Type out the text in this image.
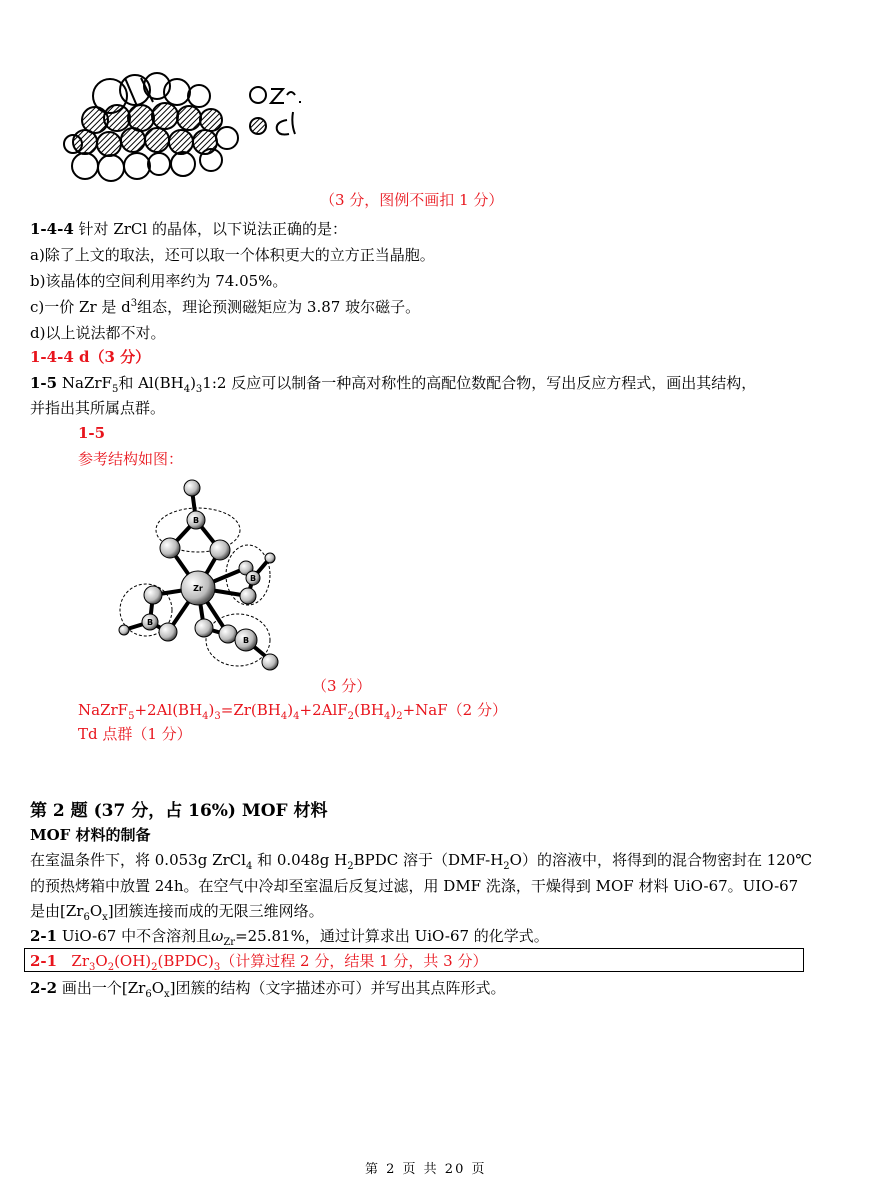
（3 分，图例不画扣 1 分）
1-4-4 针对 ZrCl 的晶体，以下说法正确的是：
a)除了上文的取法，还可以取一个体积更大的立方正当晶胞。
b)该晶体的空间利用率约为 74.05%。
c)一价 Zr 是 $d^3$组态，理论预测磁矩应为 3.87 玻尔磁子。
d)以上说法都不对。
1-4-4 d（3 分）
1-5 NaZrF$_5$和 $Al(BH_4)_31:2$ 反应可以制备一种高对称性的高配位数配合物，写出反应方程式，画出其结构，
并指出其所属点群。
1-5
参考结构如图：
Zr
B
B
B
B
（3 分）
$NaZrF_5+2Al(BH_4)_3=Zr(BH_4)_4+2AlF_2(BH_4)_2+NaF(2$ 分）
Td 点群（1 分）
第 2 题 (37 分，占 16%) MOF 材料
MOF 材料的制备
在室温条件下，将 0.053g ZrCl$_4$ 和 0.048g $H_2BPDC$ 溶于$(DMF-H_2O)$的溶液中，将得到的混合物密封在 120℃
的预热烤箱中放置 24h。在空气中冷却至室温后反复过滤，用 DMF 洗涤，干燥得到 MOF 材料 UiO-67。UIO-67
是由$[Zr_6O_x]$团簇连接而成的无限三维网络。
2-1 UiO-67 中不含溶剂且$\omega_{Zr}=25.81\%$，通过计算求出 UiO-67 的化学式。
2-1 $Zr_3O_2(OH)_2(BPDC)_3$（计算过程 2 分，结果 1 分，共 3 分）
2-2 画出一个$[Zr_6O_x]$团簇的结构（文字描述亦可）并写出其点阵形式。
第 2 页 共 20 页
